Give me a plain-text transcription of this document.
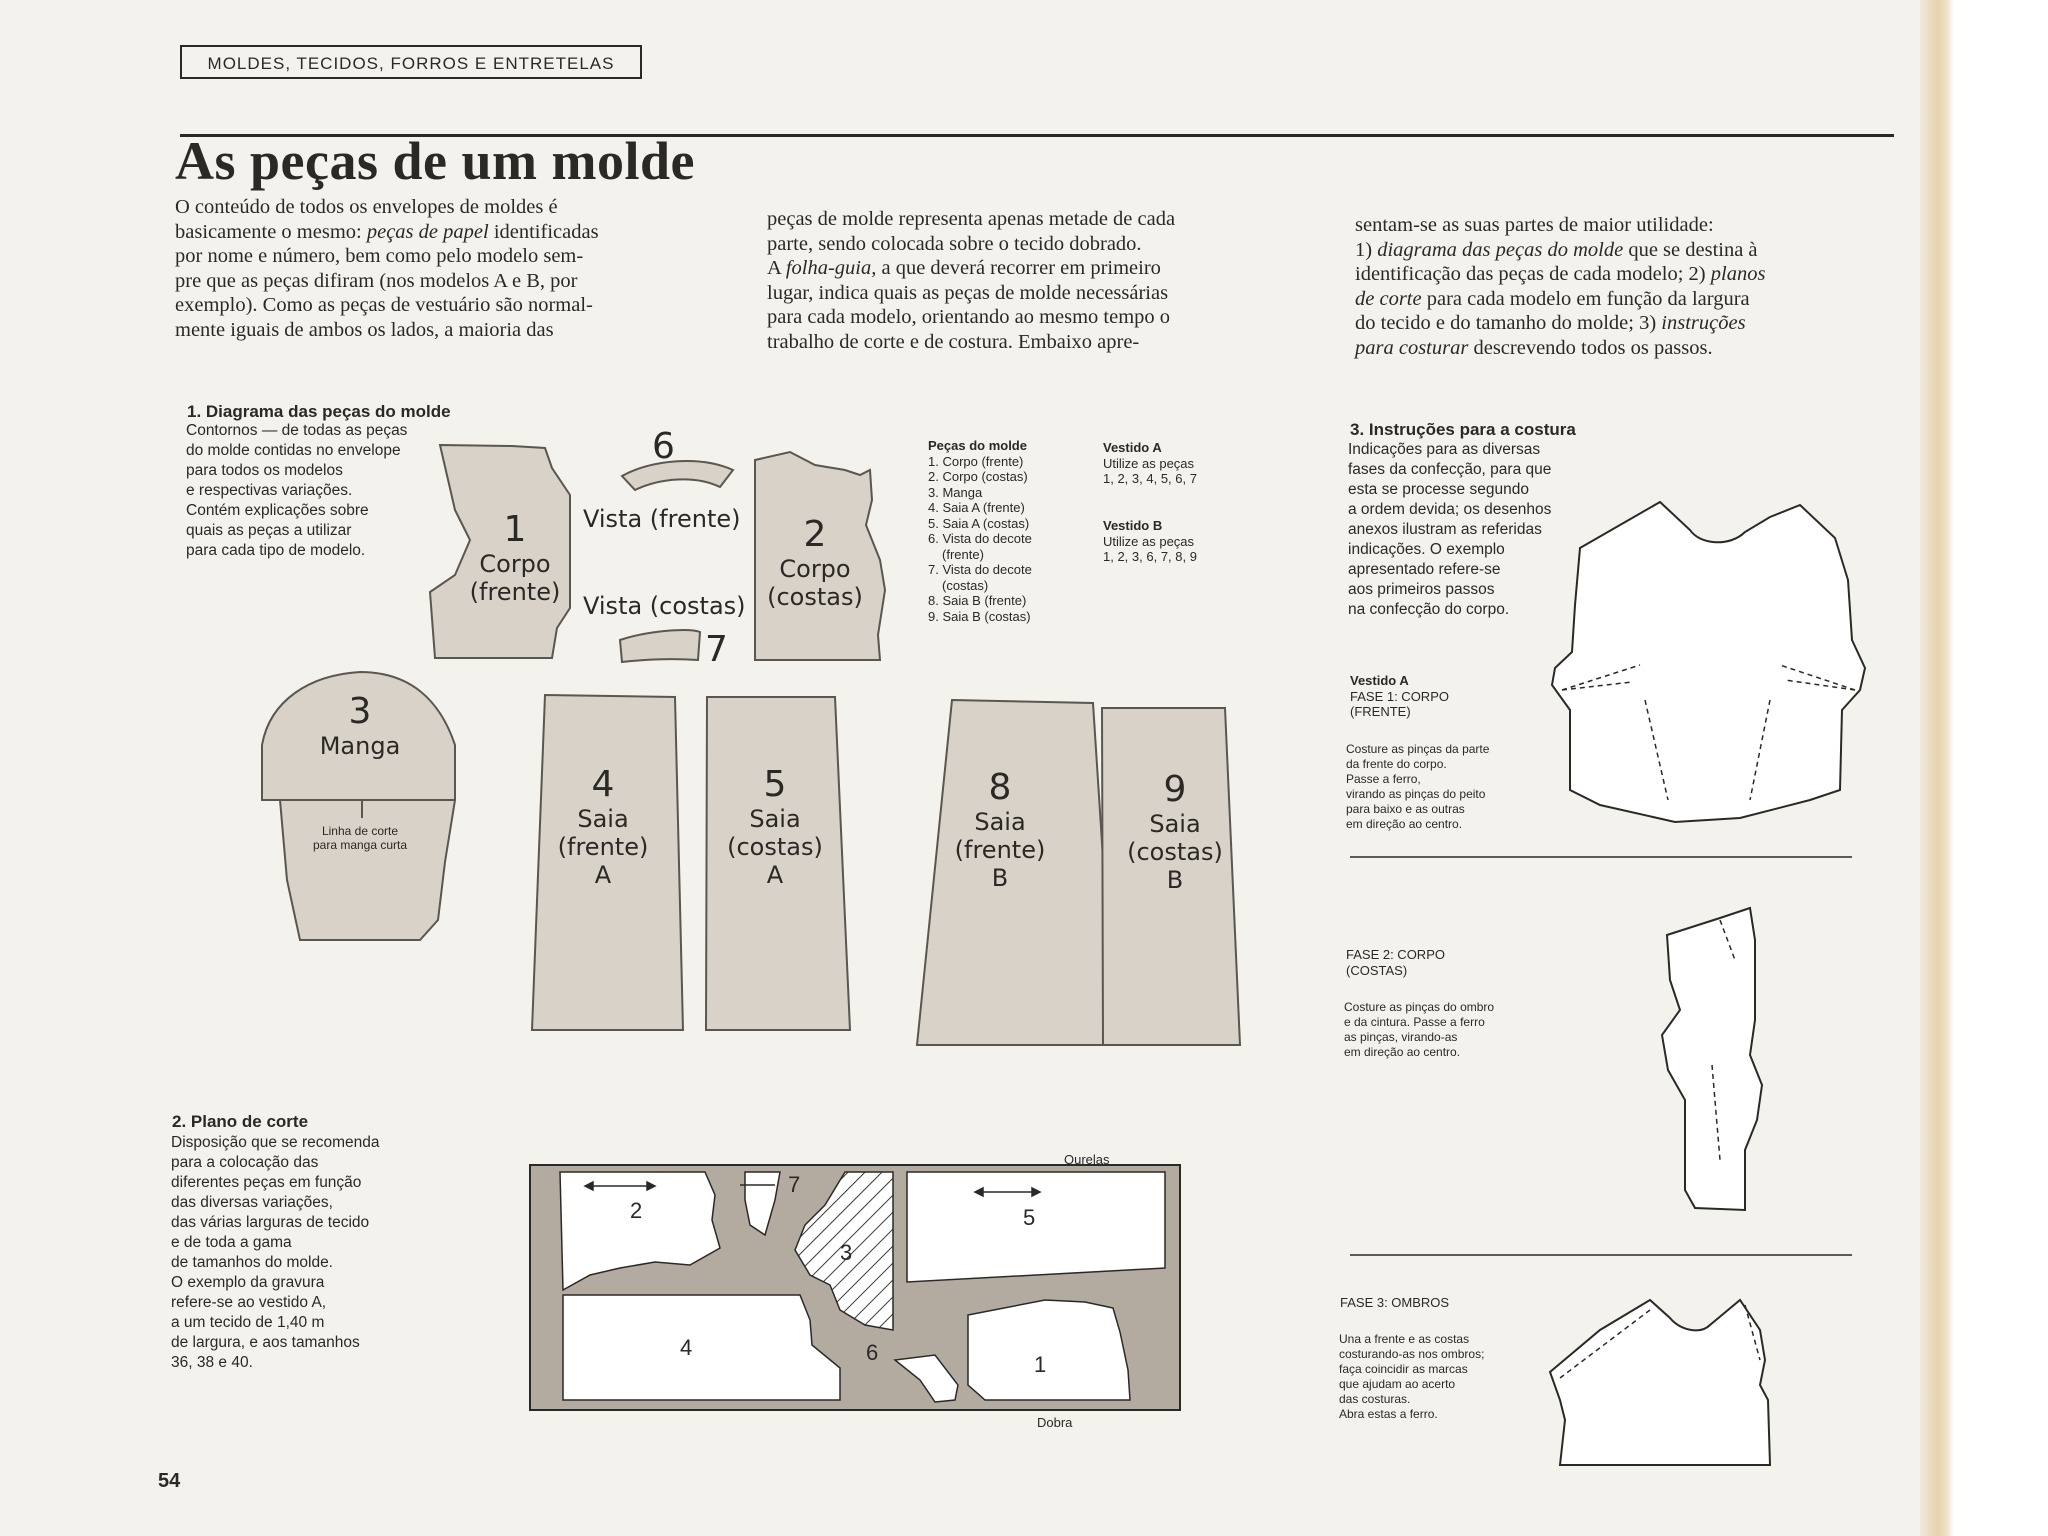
MOLDES, TECIDOS, FORROS E ENTRETELAS
As peças de um molde

O conteúdo de todos os envelopes de moldes é

basicamente o mesmo: peças de papel identificadas

por nome e número, bem como pelo modelo sem-

pre que as peças difiram (nos modelos A e B, por

exemplo). Como as peças de vestuário são normal-

mente iguais de ambos os lados, a maioria das

peças de molde representa apenas metade de cada

parte, sendo colocada sobre o tecido dobrado.

A folha-guia, a que deverá recorrer em primeiro

lugar, indica quais as peças de molde necessárias

para cada modelo, orientando ao mesmo tempo o

trabalho de corte e de costura. Embaixo apre-

sentam-se as suas partes de maior utilidade:

1) diagrama das peças do molde que se destina à

identificação das peças de cada modelo; 2) planos

de corte para cada modelo em função da largura

do tecido e do tamanho do molde; 3) instruções

para costurar descrevendo todos os passos.

1. Diagrama das peças do molde
Contornos — de todas as peças
do molde contidas no envelope
para todos os modelos
e respectivas variações.
Contém explicações sobre
quais as peças a utilizar
para cada tipo de modelo.
1
Corpo
(frente)
2
Corpo
(costas)
3
Manga
Linha de corte
para manga curta
4
Saia
(frente)
A
5
Saia
(costas)
A
8
Saia
(frente)
B
9
Saia
(costas)
B
6
Vista (frente)
Vista (costas)
7
Peças do molde
1. Corpo (frente)
2. Corpo (costas)
3. Manga
4. Saia A (frente)
5. Saia A (costas)
6. Vista do decote
(frente)
7. Vista do decote
(costas)
8. Saia B (frente)
9. Saia B (costas)
Vestido A
Utilize as peças
1, 2, 3, 4, 5, 6, 7
Vestido B
Utilize as peças
1, 2, 3, 6, 7, 8, 9
2. Plano de corte
Disposição que se recomenda
para a colocação das
diferentes peças em função
das diversas variações,
das várias larguras de tecido
e de toda a gama
de tamanhos do molde.
O exemplo da gravura
refere-se ao vestido A,
a um tecido de 1,40 m
de largura, e aos tamanhos
36, 38 e 40.
Ourelas
Dobra
2
7
3
5
4	6	1
3. Instruções para a costura
Indicações para as diversas
fases da confecção, para que
esta se processe segundo
a ordem devida; os desenhos
anexos ilustram as referidas
indicações. O exemplo
apresentado refere-se
aos primeiros passos
na confecção do corpo.
Vestido A
FASE 1: CORPO
(FRENTE)
Costure as pinças da parte
da frente do corpo.
Passe a ferro,
virando as pinças do peito
para baixo e as outras
em direção ao centro.
FASE 2: CORPO
(COSTAS)
Costure as pinças do ombro
e da cintura. Passe a ferro
as pinças, virando-as
em direção ao centro.
FASE 3: OMBROS
Una a frente e as costas
costurando-as nos ombros;
faça coincidir as marcas
que ajudam ao acerto
das costuras.
Abra estas a ferro.
54
